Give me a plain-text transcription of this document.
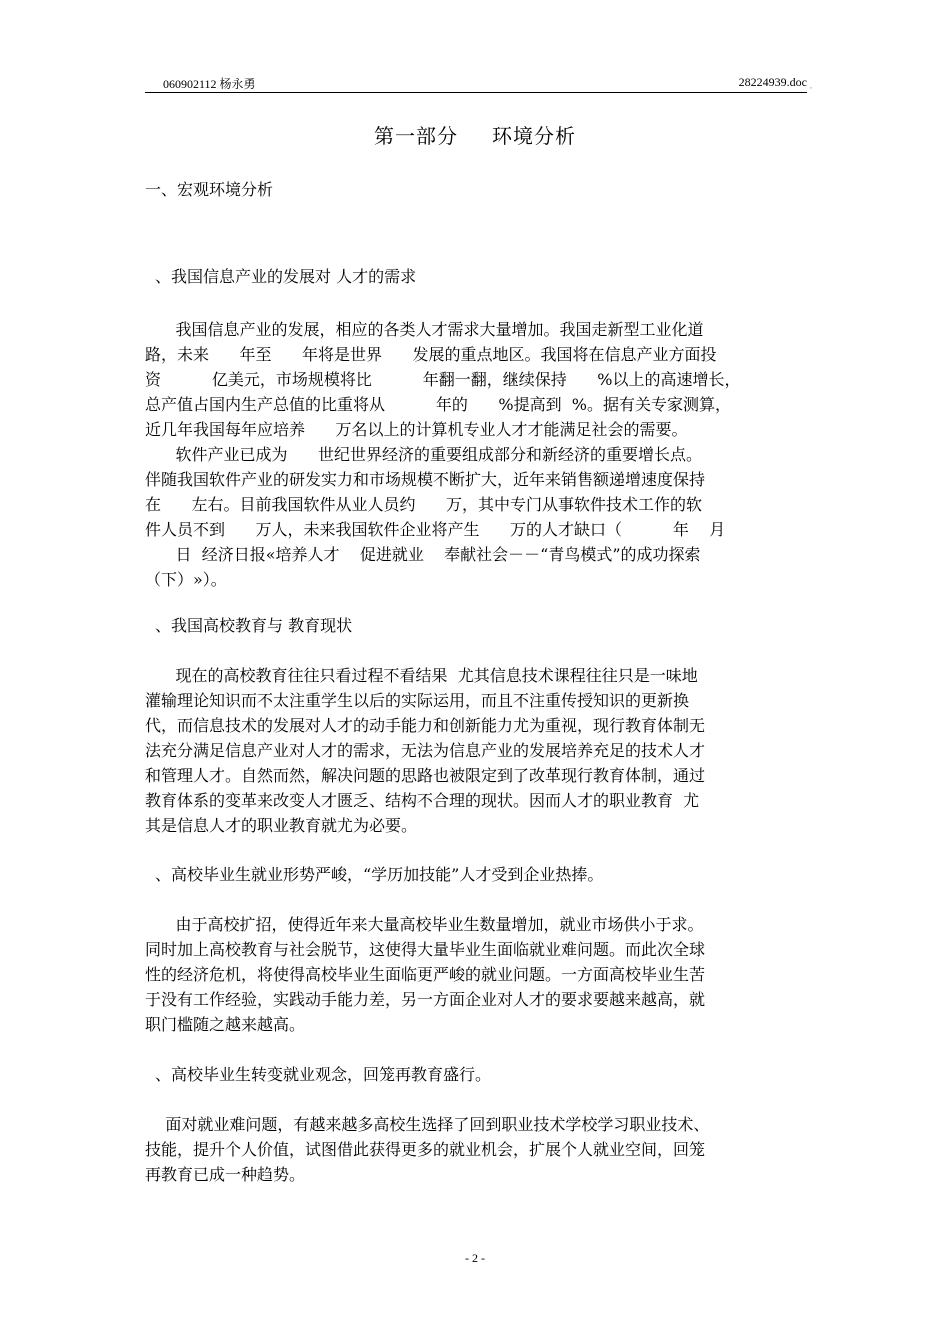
060902112 杨永勇	28224939.doc ,
第一部分 环境分析
一、宏观环境分析
、我国信息产业的发展对 人才的需求
我国信息产业的发展，相应的各类人才需求大量增加。我国走新型工业化道
路，未来      年至      年将是世界      发展的重点地区。我国将在信息产业方面投
资          亿美元，市场规模将比          年翻一翻，继续保持      %以上的高速增长，
总产值占国内生产总值的比重将从          年的      %提高到  %。据有关专家测算，
近几年我国每年应培养      万名以上的计算机专业人才才能满足社会的需要。
软件产业已成为      世纪世界经济的重要组成部分和新经济的重要增长点。
伴随我国软件产业的研发实力和市场规模不断扩大，近年来销售额递增速度保持
在      左右。目前我国软件从业人员约      万，其中专门从事软件技术工作的软
件人员不到      万人，未来我国软件企业将产生      万的人才缺口（          年    月
日  经济日报«培养人才    促进就业    奉献社会－－“青鸟模式”的成功探索
（下）»）。
、我国高校教育与 教育现状
现在的高校教育往往只看过程不看结果  尤其信息技术课程往往只是一味地
灌输理论知识而不太注重学生以后的实际运用，而且不注重传授知识的更新换
代，而信息技术的发展对人才的动手能力和创新能力尤为重视，现行教育体制无
法充分满足信息产业对人才的需求，无法为信息产业的发展培养充足的技术人才
和管理人才。自然而然，解决问题的思路也被限定到了改革现行教育体制，通过
教育体系的变革来改变人才匮乏、结构不合理的现状。因而人才的职业教育  尤
其是信息人才的职业教育就尤为必要。
、高校毕业生就业形势严峻，“学历加技能”人才受到企业热捧。
由于高校扩招，使得近年来大量高校毕业生数量增加，就业市场供小于求。
同时加上高校教育与社会脱节，这使得大量毕业生面临就业难问题。而此次全球
性的经济危机，将使得高校毕业生面临更严峻的就业问题。一方面高校毕业生苦
于没有工作经验，实践动手能力差，另一方面企业对人才的要求要越来越高，就
职门槛随之越来越高。
、高校毕业生转变就业观念，回笼再教育盛行。
面对就业难问题，有越来越多高校生选择了回到职业技术学校学习职业技术、
技能，提升个人价值，试图借此获得更多的就业机会，扩展个人就业空间，回笼
再教育已成一种趋势。
- 2 -
